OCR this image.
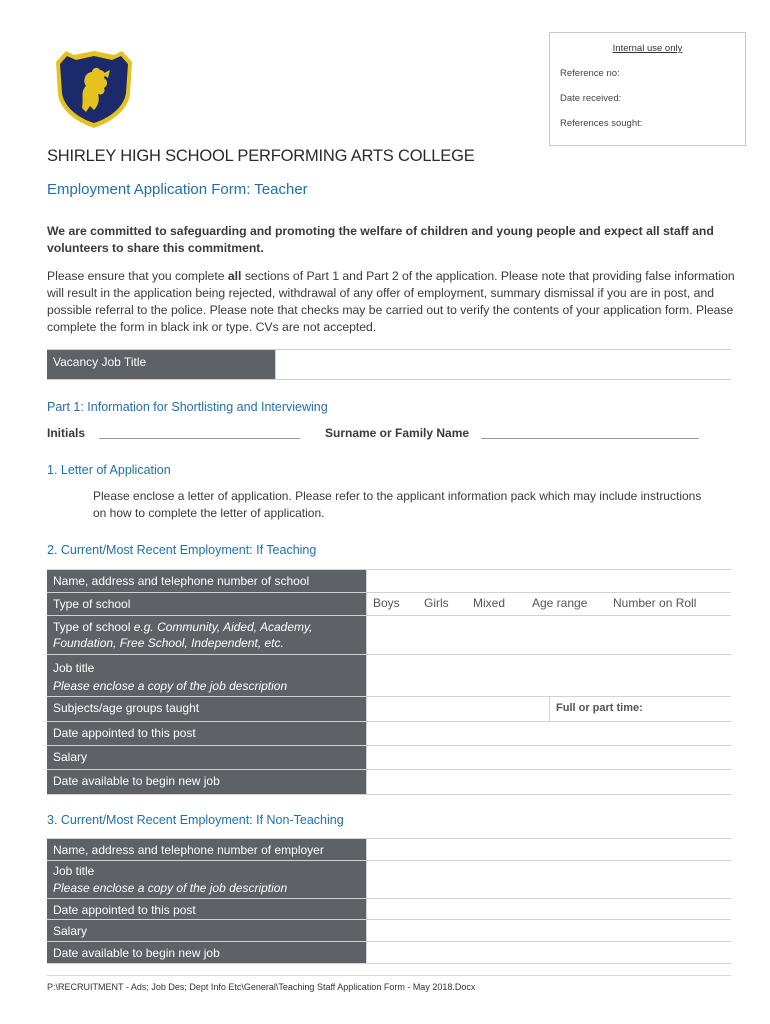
Internal use only
Reference no:
Date received:
References sought:
SHIRLEY HIGH SCHOOL PERFORMING ARTS COLLEGE
Employment Application Form: Teacher
We are committed to safeguarding and promoting the welfare of children and young people and expect all staff and volunteers to share this commitment.
Please ensure that you complete all sections of Part 1 and Part 2 of the application. Please note that providing false information will result in the application being rejected, withdrawal of any offer of employment, summary dismissal if you are in post, and possible referral to the police. Please note that checks may be carried out to verify the contents of your application form. Please complete the form in black ink or type. CVs are not accepted.
Vacancy Job Title
Part 1: Information for Shortlisting and Interviewing
Initials	Surname or Family Name
1. Letter of Application
Please enclose a letter of application. Please refer to the applicant information pack which may include instructions on how to complete the letter of application.
2. Current/Most Recent Employment: If Teaching
Name, address and telephone number of school
Type of school	Boys Girls Mixed Age range Number on Roll
Type of school e.g. Community, Aided, Academy, Foundation, Free School, Independent, etc.
Job title
Please enclose a copy of the job description
Subjects/age groups taught	Full or part time:
Date appointed to this post
Salary
Date available to begin new job
3. Current/Most Recent Employment: If Non-Teaching
Name, address and telephone number of employer
Job title
Please enclose a copy of the job description
Date appointed to this post
Salary
Date available to begin new job
P:\RECRUITMENT - Ads; Job Des; Dept Info Etc\General\Teaching Staff Application Form - May 2018.Docx
